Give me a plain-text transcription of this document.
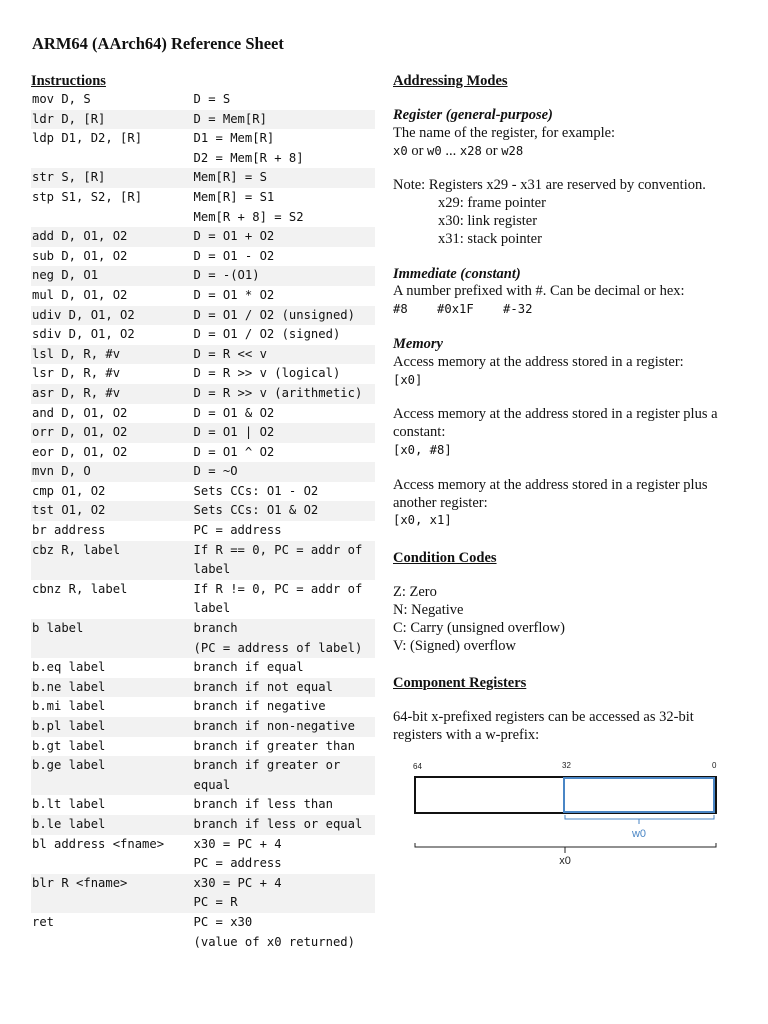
ARM64 (AArch64) Reference Sheet
Instructions
mov D, S	D = S
ldr D, [R]	D = Mem[R]
ldp D1, D2, [R]	D1 = Mem[R]
D2 = Mem[R + 8]
str S, [R]	Mem[R] = S
stp S1, S2, [R]	Mem[R] = S1
Mem[R + 8] = S2
add D, O1, O2	D = O1 + O2
sub D, O1, O2	D = O1 - O2
neg D, O1	D = -(O1)
mul D, O1, O2	D = O1 * O2
udiv D, O1, O2	D = O1 / O2 (unsigned)
sdiv D, O1, O2	D = O1 / O2 (signed)
lsl D, R, #v	D = R << v
lsr D, R, #v	D = R >> v (logical)
asr D, R, #v	D = R >> v (arithmetic)
and D, O1, O2	D = O1 & O2
orr D, O1, O2	D = O1 | O2
eor D, O1, O2	D = O1 ^ O2
mvn D, O	D = ~O
cmp O1, O2	Sets CCs: O1 - O2
tst O1, O2	Sets CCs: O1 & O2
br address	PC = address
cbz R, label	If R == 0, PC = addr of
label
cbnz R, label	If R != 0, PC = addr of
label
b label	branch
(PC = address of label)
b.eq label	branch if equal
b.ne label	branch if not equal
b.mi label	branch if negative
b.pl label	branch if non-negative
b.gt label	branch if greater than
b.ge label	branch if greater or
equal
b.lt label	branch if less than
b.le label	branch if less or equal
bl address <fname>	x30 = PC + 4
PC = address
blr R <fname>	x30 = PC + 4
PC = R
ret	PC = x30
(value of x0 returned)
Addressing Modes
Register (general-purpose)
The name of the register, for example:
x0 or w0 ... x28 or w28
Note: Registers x29 - x31 are reserved by convention.
x29: frame pointer
x30: link register
x31: stack pointer
Immediate (constant)
A number prefixed with #. Can be decimal or hex:
#8    #0x1F    #-32
Memory
Access memory at the address stored in a register:
[x0]
Access memory at the address stored in a register plus a constant:
[x0, #8]
Access memory at the address stored in a register plus another register:
[x0, x1]
Condition Codes
Z: Zero
N: Negative
C: Carry (unsigned overflow)
V: (Signed) overflow
Component Registers
64-bit x-prefixed registers can be accessed as 32-bit registers with a w-prefix:
64	32	0
w0
x0
